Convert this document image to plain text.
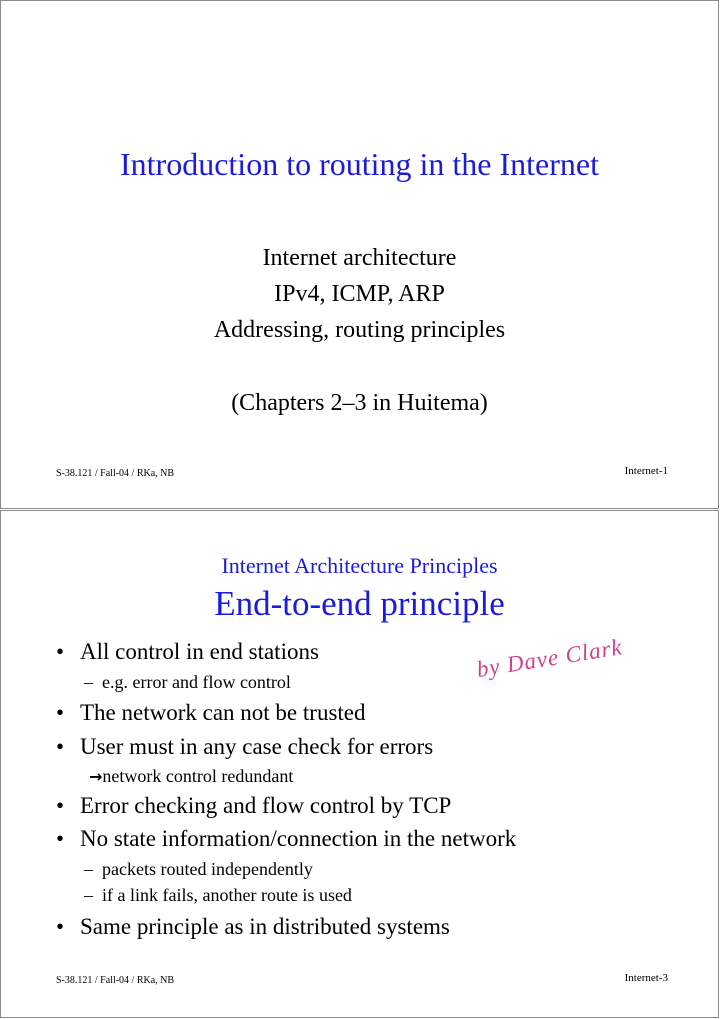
Introduction to routing in the Internet
Internet architecture
IPv4, ICMP, ARP
Addressing, routing principles
(Chapters 2–3 in Huitema)
S-38.121 / Fall-04 / RKa, NB	Internet-1
Internet Architecture Principles
End-to-end principle
• All control in end stations
– e.g. error and flow control	by Dave Clark
• The network can not be trusted
• User must in any case check for errors
→network control redundant
• Error checking and flow control by TCP
• No state information/connection in the network
– packets routed independently
– if a link fails, another route is used
• Same principle as in distributed systems
S-38.121 / Fall-04 / RKa, NB	Internet-3
